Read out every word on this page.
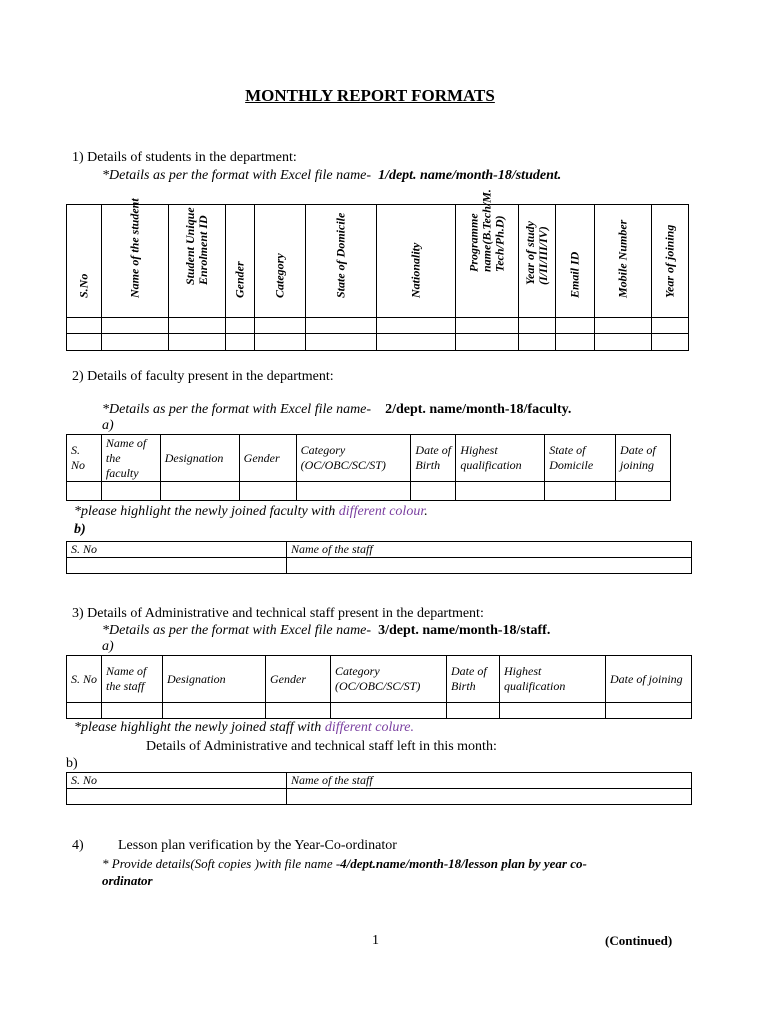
MONTHLY REPORT FORMATS
1) Details of students in the department:
*Details as per the format with Excel file name- 1/dept. name/month-18/student.
S.No	Name of the student	Student Unique Enrolment ID	Gender	Category	State of Domicile	Nationality	Programme name(B.Tech/M. Tech/Ph.D)	Year of study (I/II/III/IV)	Email ID	Mobile Number	Year of joining

2) Details of faculty present in the department:
*Details as per the format with Excel file name- 2/dept. name/month-18/faculty.
a)
S. No	Name of the faculty	Designation	Gender	Category (OC/OBC/SC/ST)	Date of Birth	Highest qualification	State of Domicile	Date of joining

*please highlight the newly joined faculty with different colour.
b)
S. No	Name of the staff

3) Details of Administrative and technical staff present in the department:
*Details as per the format with Excel file name- 3/dept. name/month-18/staff.
a)
S. No	Name of the staff	Designation	Gender	Category (OC/OBC/SC/ST)	Date of Birth	Highest qualification	Date of joining

*please highlight the newly joined staff with different colure.
Details of Administrative and technical staff left in this month:
b)
S. No	Name of the staff

4) Lesson plan verification by the Year-Co-ordinator
* Provide details(Soft copies )with file name -4/dept.name/month-18/lesson plan by year co-
ordinator
1	(Continued)
